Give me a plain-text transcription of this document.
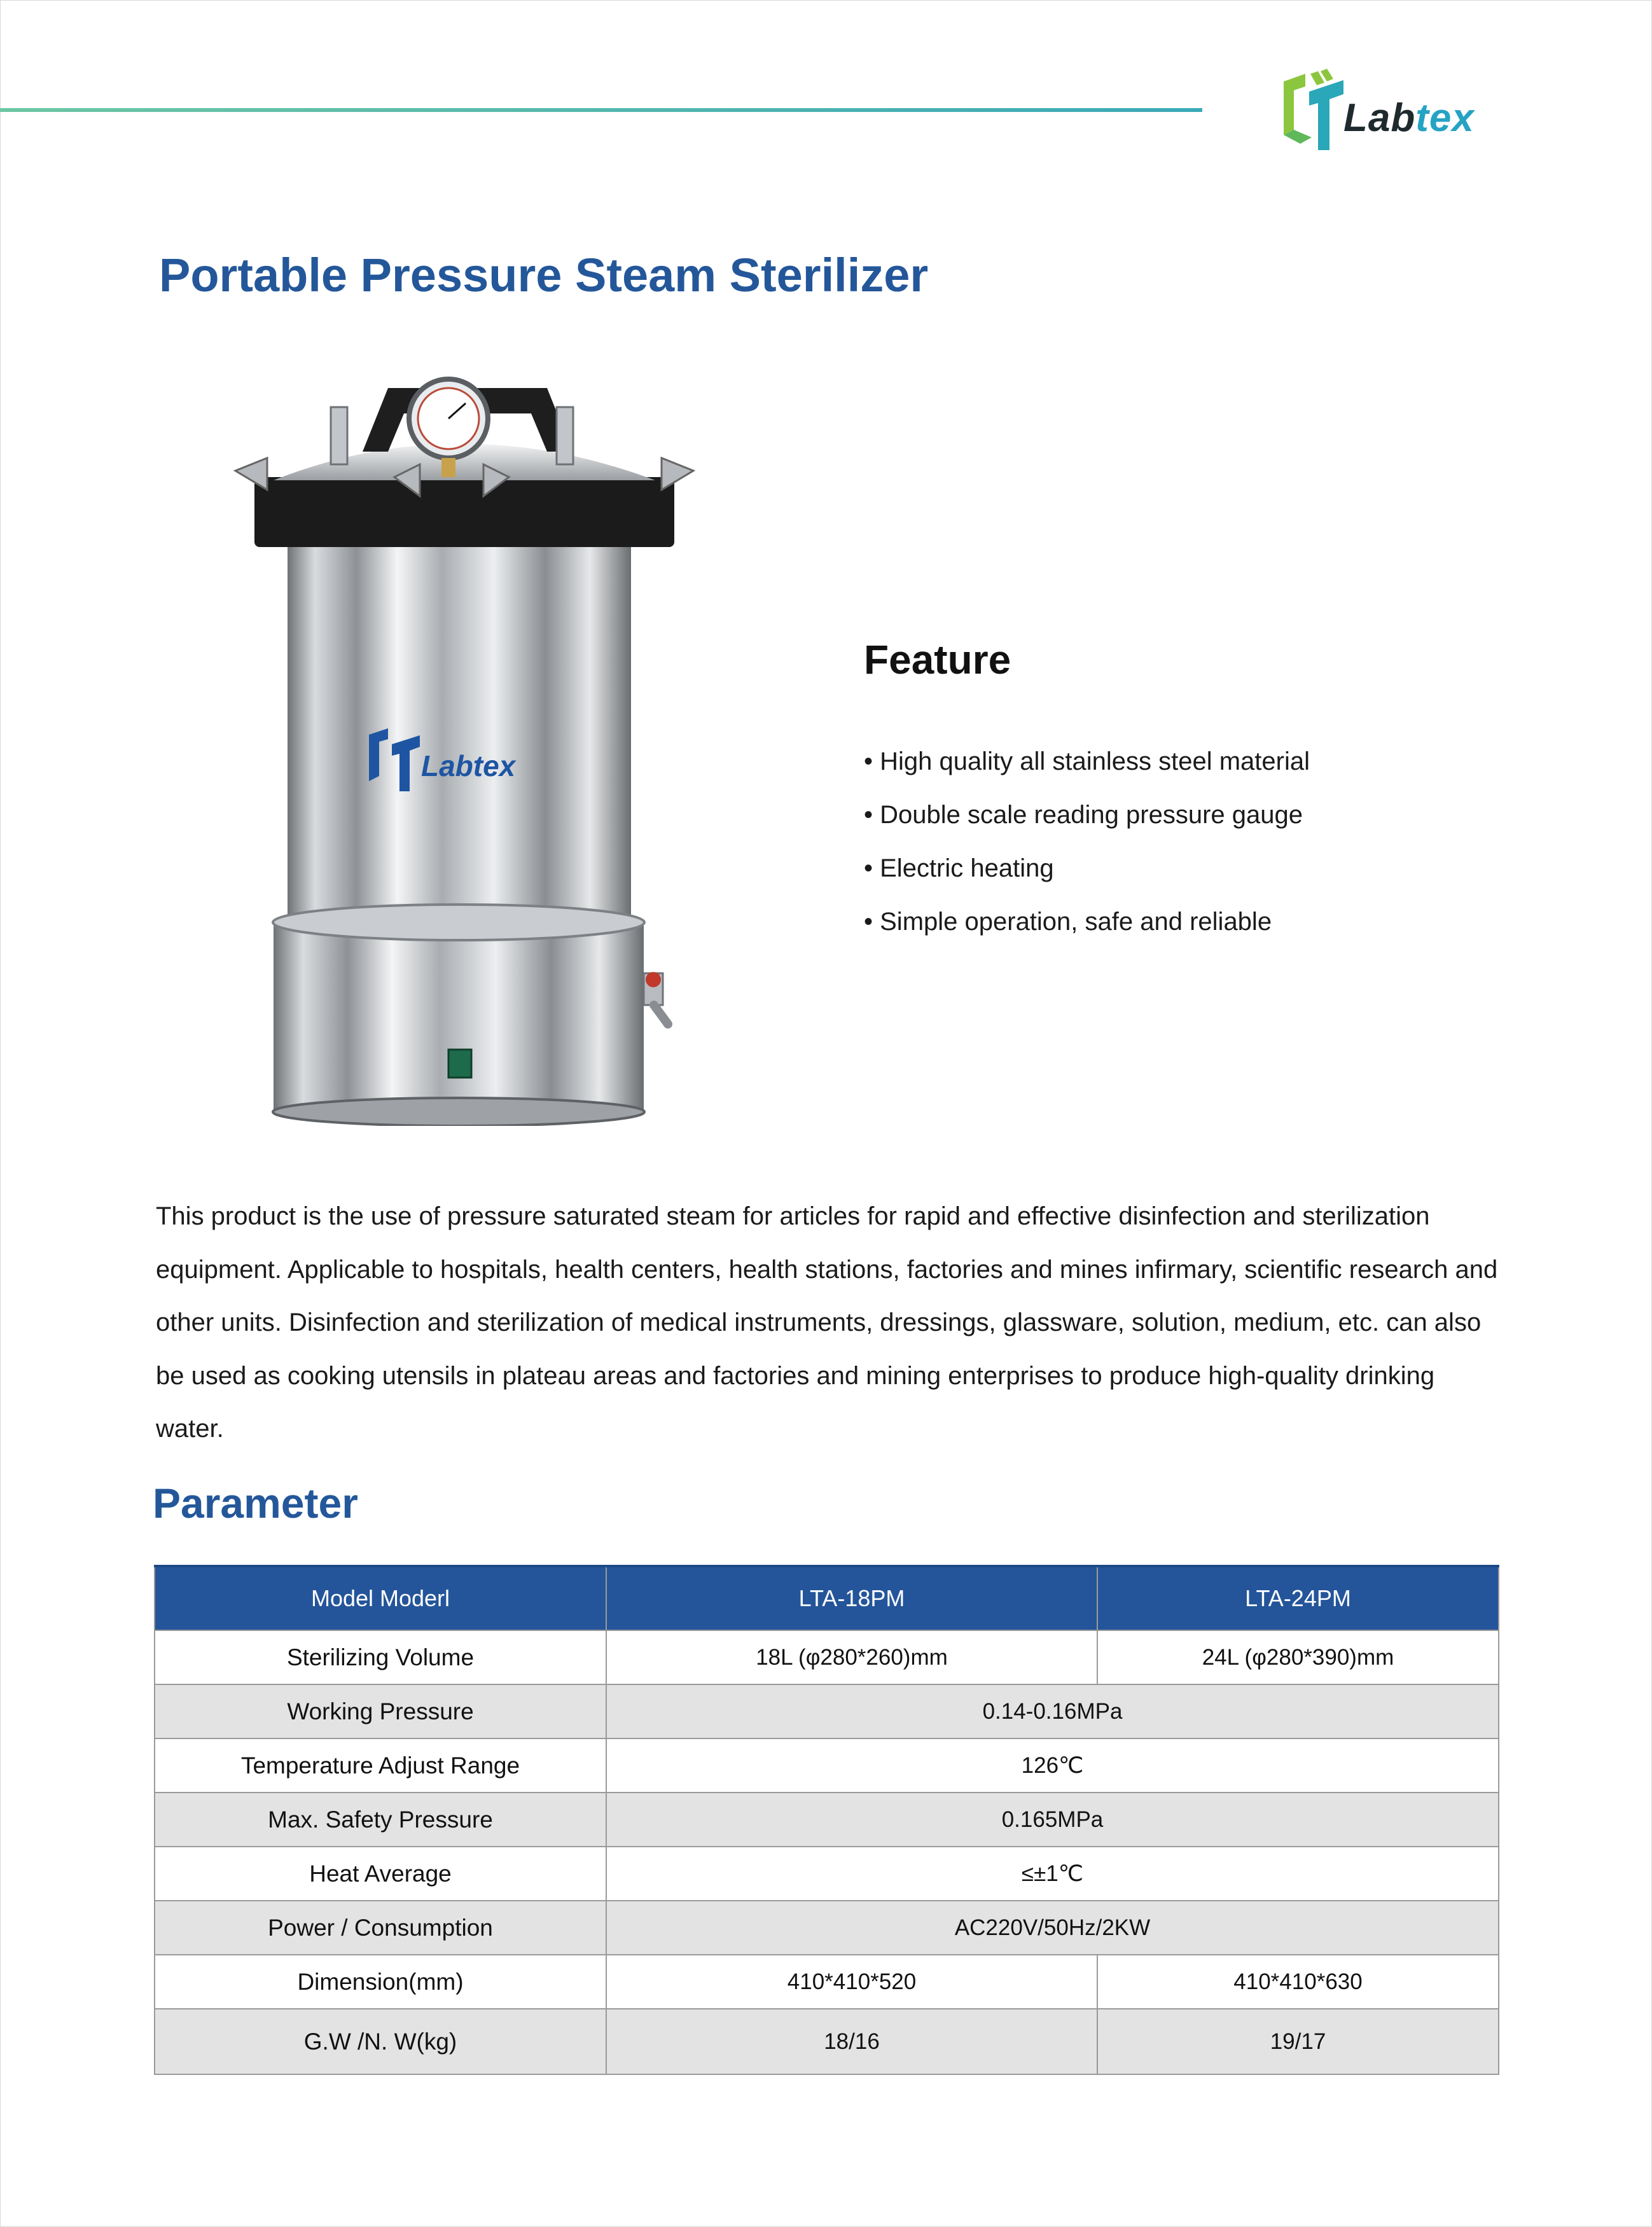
Labtex
Portable Pressure Steam Sterilizer
Labtex
Feature
• High quality all stainless steel material
• Double scale reading pressure gauge
• Electric heating
• Simple operation, safe and reliable

This product is the use of pressure saturated steam for articles for rapid and effective disinfection and sterilization equipment. Applicable to hospitals, health centers, health stations, factories and mines infirmary, scientific research and other units. Disinfection and sterilization of medical instruments, dressings, glassware, solution, medium, etc. can also be used as cooking utensils in plateau areas and factories and mining enterprises to produce high-quality drinking water.

Parameter
Model Moderl	LTA-18PM	LTA-24PM
Sterilizing Volume	18L (φ280*260)mm	24L (φ280*390)mm
Working Pressure	0.14-0.16MPa	
Temperature Adjust Range	126℃	
Max. Safety Pressure	0.165MPa	
Heat Average	≤±1℃	
Power / Consumption	AC220V/50Hz/2KW	
Dimension(mm)	410*410*520	410*410*630
G.W /N. W(kg)	18/16	19/17
